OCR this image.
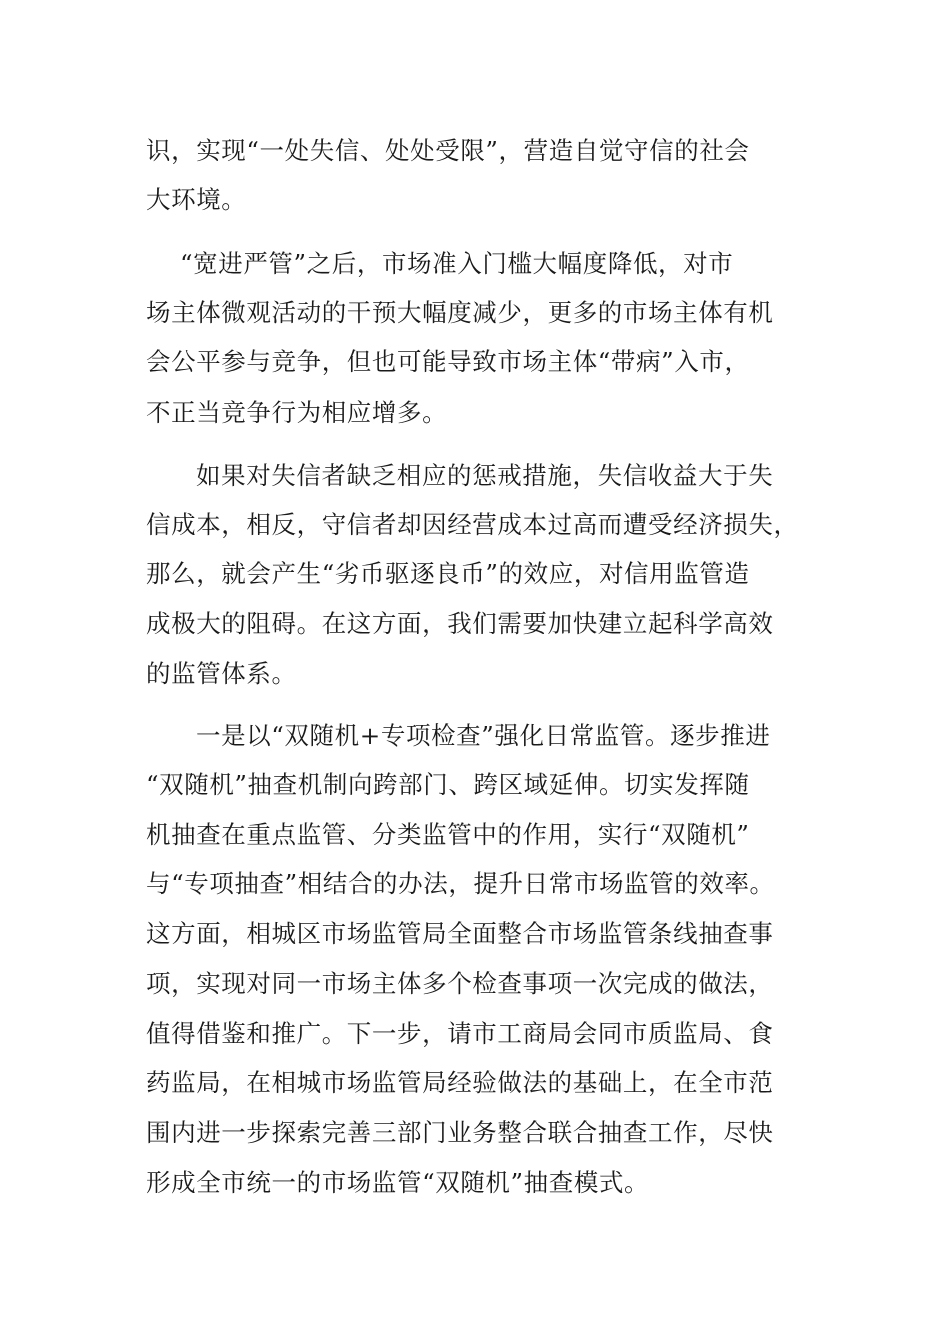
识，实现“一处失信、处处受限”，营造自觉守信的社会
大环境。
“宽进严管”之后，市场准入门槛大幅度降低，对市
场主体微观活动的干预大幅度减少，更多的市场主体有机
会公平参与竞争，但也可能导致市场主体“带病”入市，
不正当竞争行为相应增多。
如果对失信者缺乏相应的惩戒措施，失信收益大于失
信成本，相反，守信者却因经营成本过高而遭受经济损失，
那么，就会产生“劣币驱逐良币”的效应，对信用监管造
成极大的阻碍。在这方面，我们需要加快建立起科学高效
的监管体系。
一是以“双随机+专项检查”强化日常监管。逐步推进
“双随机”抽查机制向跨部门、跨区域延伸。切实发挥随
机抽查在重点监管、分类监管中的作用，实行“双随机”
与“专项抽查”相结合的办法，提升日常市场监管的效率。
这方面，相城区市场监管局全面整合市场监管条线抽查事
项，实现对同一市场主体多个检查事项一次完成的做法，
值得借鉴和推广。下一步，请市工商局会同市质监局、食
药监局，在相城市场监管局经验做法的基础上，在全市范
围内进一步探索完善三部门业务整合联合抽查工作，尽快
形成全市统一的市场监管“双随机”抽查模式。
